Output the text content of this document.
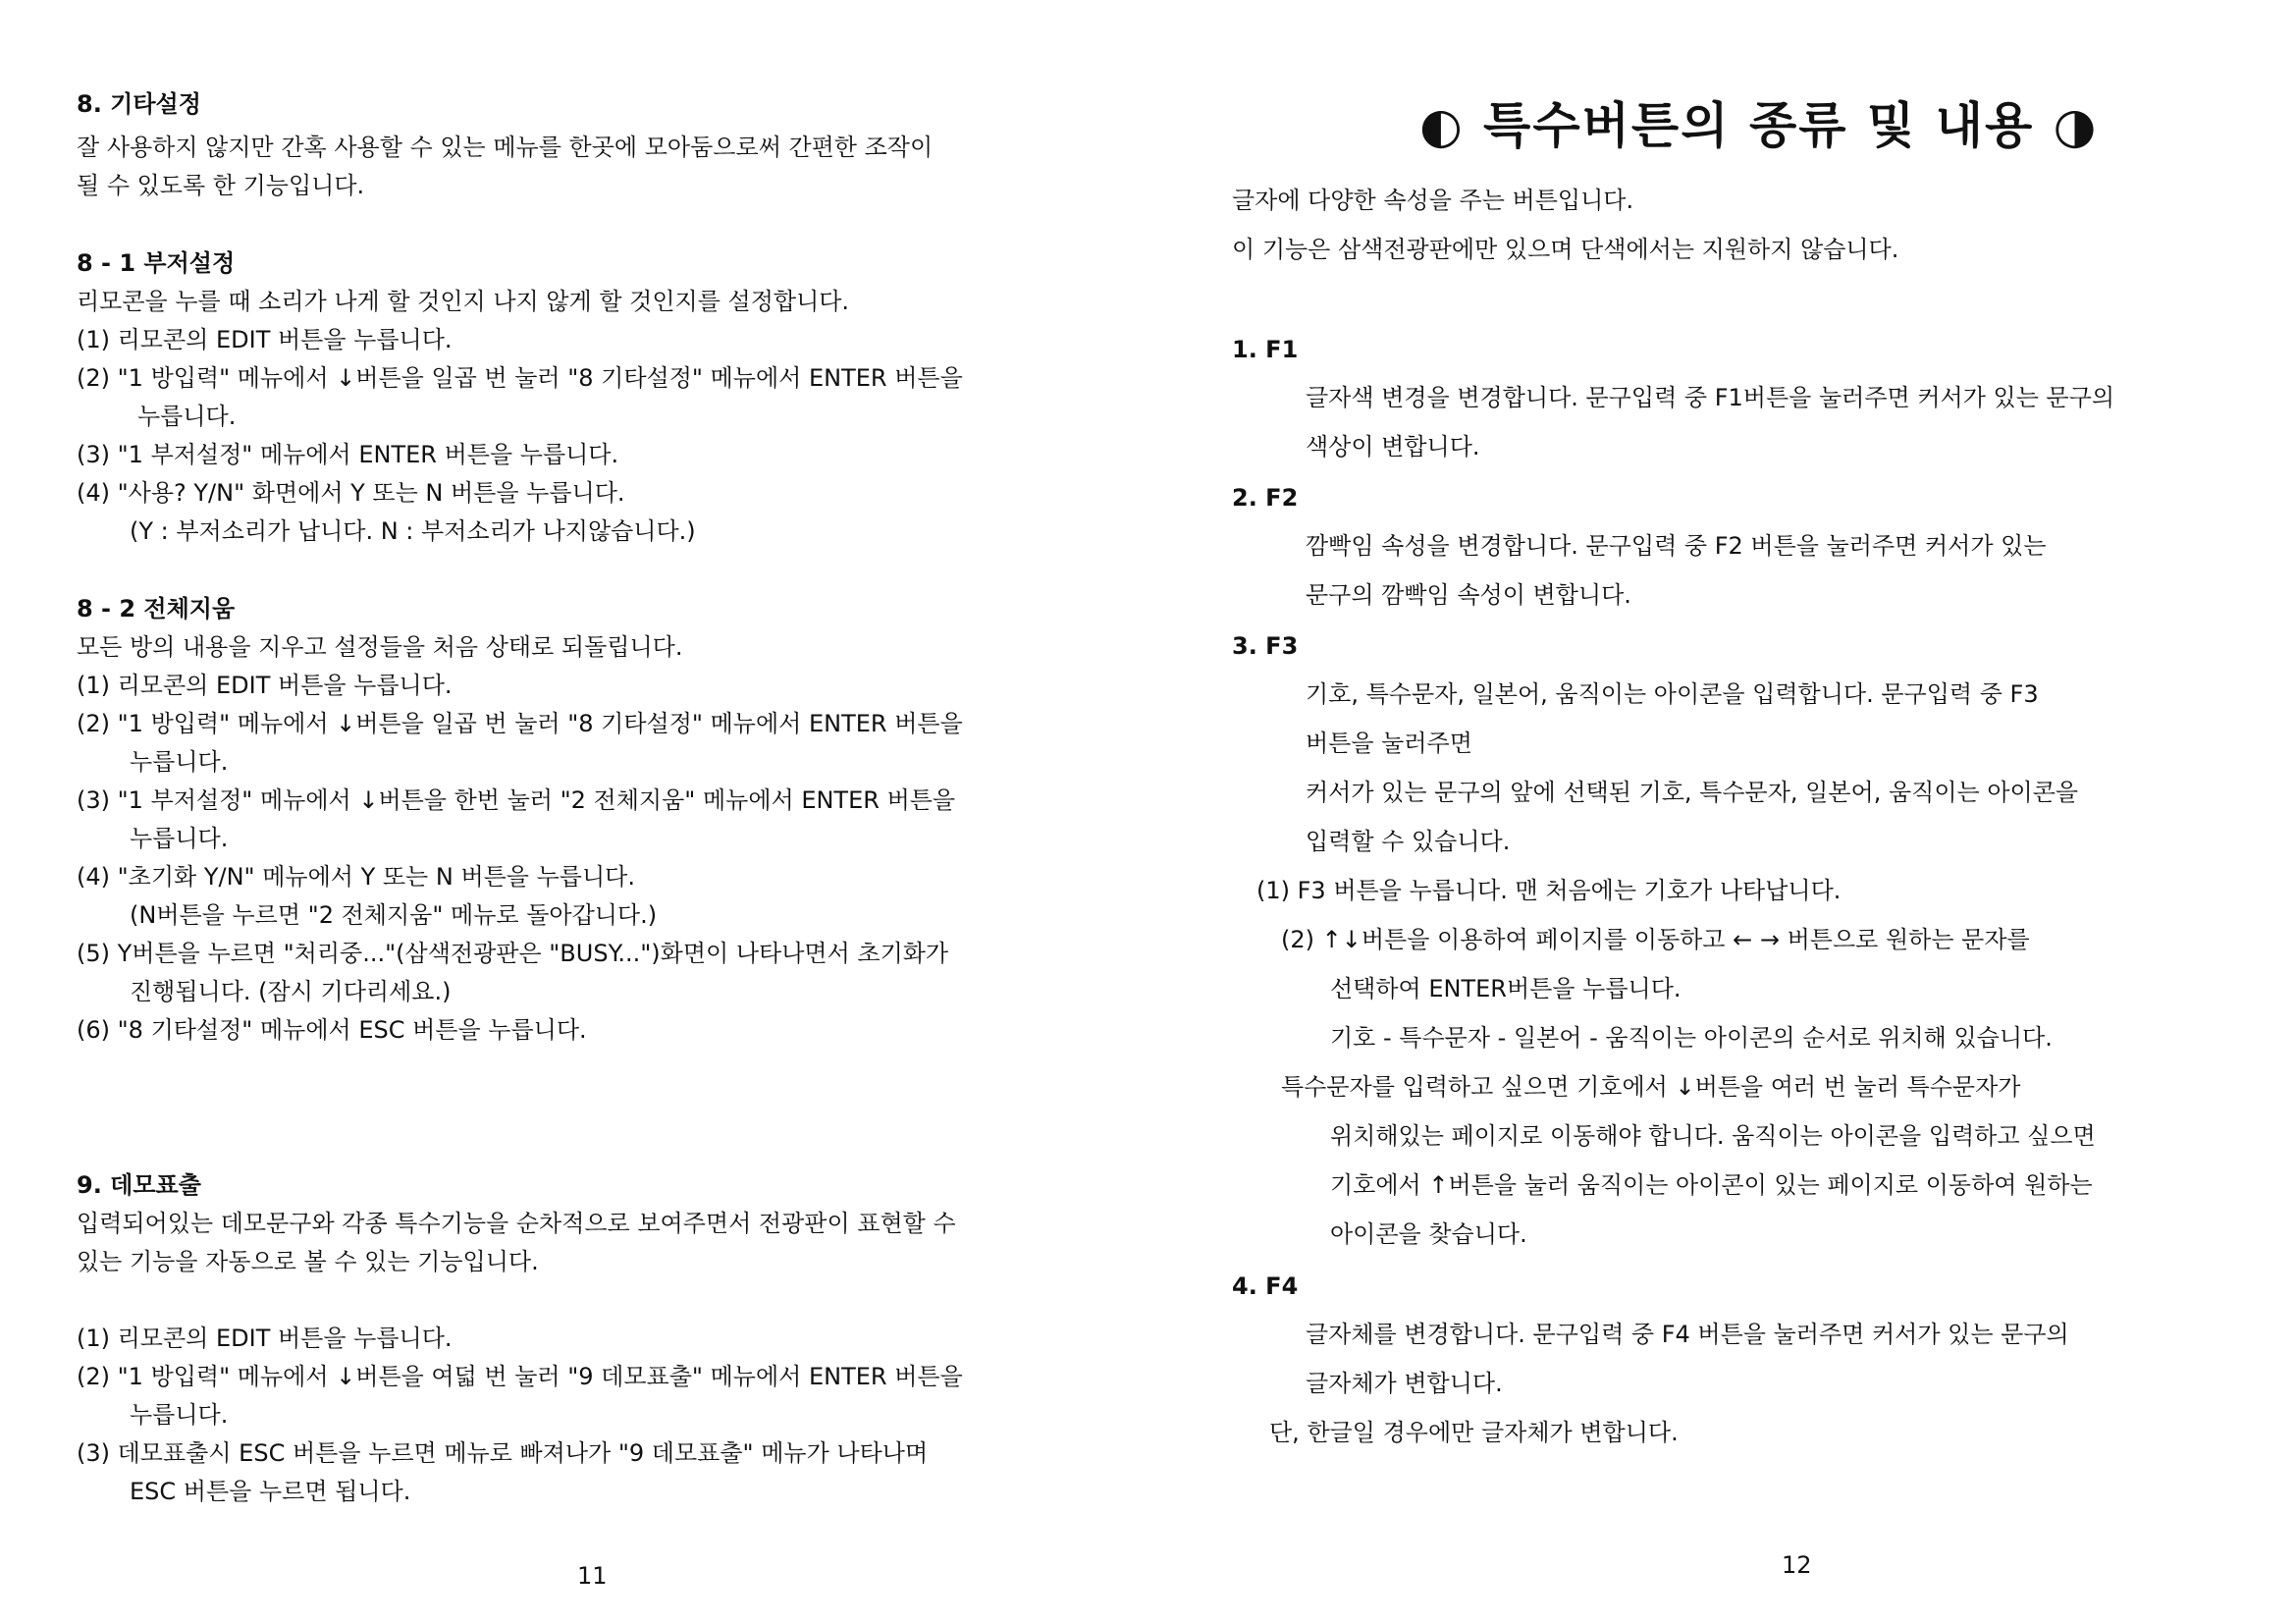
8. 기타설정
잘 사용하지 않지만 간혹 사용할 수 있는 메뉴를 한곳에 모아둠으로써 간편한 조작이
될 수 있도록 한 기능입니다.
8 - 1 부저설정
리모콘을 누를 때 소리가 나게 할 것인지 나지 않게 할 것인지를 설정합니다.
(1) 리모콘의 EDIT 버튼을 누릅니다.
(2) "1 방입력" 메뉴에서 ↓버튼을 일곱 번 눌러 "8 기타설정" 메뉴에서 ENTER 버튼을
누릅니다.
(3) "1 부저설정" 메뉴에서 ENTER 버튼을 누릅니다.
(4) "사용? Y/N" 화면에서 Y 또는 N 버튼을 누릅니다.
(Y : 부저소리가 납니다. N : 부저소리가 나지않습니다.)
8 - 2 전체지움
모든 방의 내용을 지우고 설정들을 처음 상태로 되돌립니다.
(1) 리모콘의 EDIT 버튼을 누릅니다.
(2) "1 방입력" 메뉴에서 ↓버튼을 일곱 번 눌러 "8 기타설정" 메뉴에서 ENTER 버튼을
누릅니다.
(3) "1 부저설정" 메뉴에서 ↓버튼을 한번 눌러 "2 전체지움" 메뉴에서 ENTER 버튼을
누릅니다.
(4) "초기화 Y/N" 메뉴에서 Y 또는 N 버튼을 누릅니다.
(N버튼을 누르면 "2 전체지움" 메뉴로 돌아갑니다.)
(5) Y버튼을 누르면 "처리중..."(삼색전광판은 "BUSY...")화면이 나타나면서 초기화가
진행됩니다. (잠시 기다리세요.)
(6) "8 기타설정" 메뉴에서 ESC 버튼을 누릅니다.
9. 데모표출
입력되어있는 데모문구와 각종 특수기능을 순차적으로 보여주면서 전광판이 표현할 수
있는 기능을 자동으로 볼 수 있는 기능입니다.
(1) 리모콘의 EDIT 버튼을 누릅니다.
(2) "1 방입력" 메뉴에서 ↓버튼을 여덟 번 눌러 "9 데모표출" 메뉴에서 ENTER 버튼을
누릅니다.
(3) 데모표출시 ESC 버튼을 누르면 메뉴로 빠져나가 "9 데모표출" 메뉴가 나타나며
ESC 버튼을 누르면 됩니다.
11
◐ 특수버튼의 종류 및 내용 ◑
글자에 다양한 속성을 주는 버튼입니다.
이 기능은 삼색전광판에만 있으며 단색에서는 지원하지 않습니다.
1. F1
글자색 변경을 변경합니다. 문구입력 중 F1버튼을 눌러주면 커서가 있는 문구의
색상이 변합니다.
2. F2
깜빡임 속성을 변경합니다. 문구입력 중 F2 버튼을 눌러주면 커서가 있는
문구의 깜빡임 속성이 변합니다.
3. F3
기호, 특수문자, 일본어, 움직이는 아이콘을 입력합니다. 문구입력 중 F3
버튼을 눌러주면
커서가 있는 문구의 앞에 선택된 기호, 특수문자, 일본어, 움직이는 아이콘을
입력할 수 있습니다.
(1) F3 버튼을 누릅니다. 맨 처음에는 기호가 나타납니다.
(2) ↑↓버튼을 이용하여 페이지를 이동하고 ← → 버튼으로 원하는 문자를
선택하여 ENTER버튼을 누릅니다.
기호 - 특수문자 - 일본어 - 움직이는 아이콘의 순서로 위치해 있습니다.
특수문자를 입력하고 싶으면 기호에서 ↓버튼을 여러 번 눌러 특수문자가
위치해있는 페이지로 이동해야 합니다. 움직이는 아이콘을 입력하고 싶으면
기호에서 ↑버튼을 눌러 움직이는 아이콘이 있는 페이지로 이동하여 원하는
아이콘을 찾습니다.
4. F4
글자체를 변경합니다. 문구입력 중 F4 버튼을 눌러주면 커서가 있는 문구의
글자체가 변합니다.
단, 한글일 경우에만 글자체가 변합니다.
12
